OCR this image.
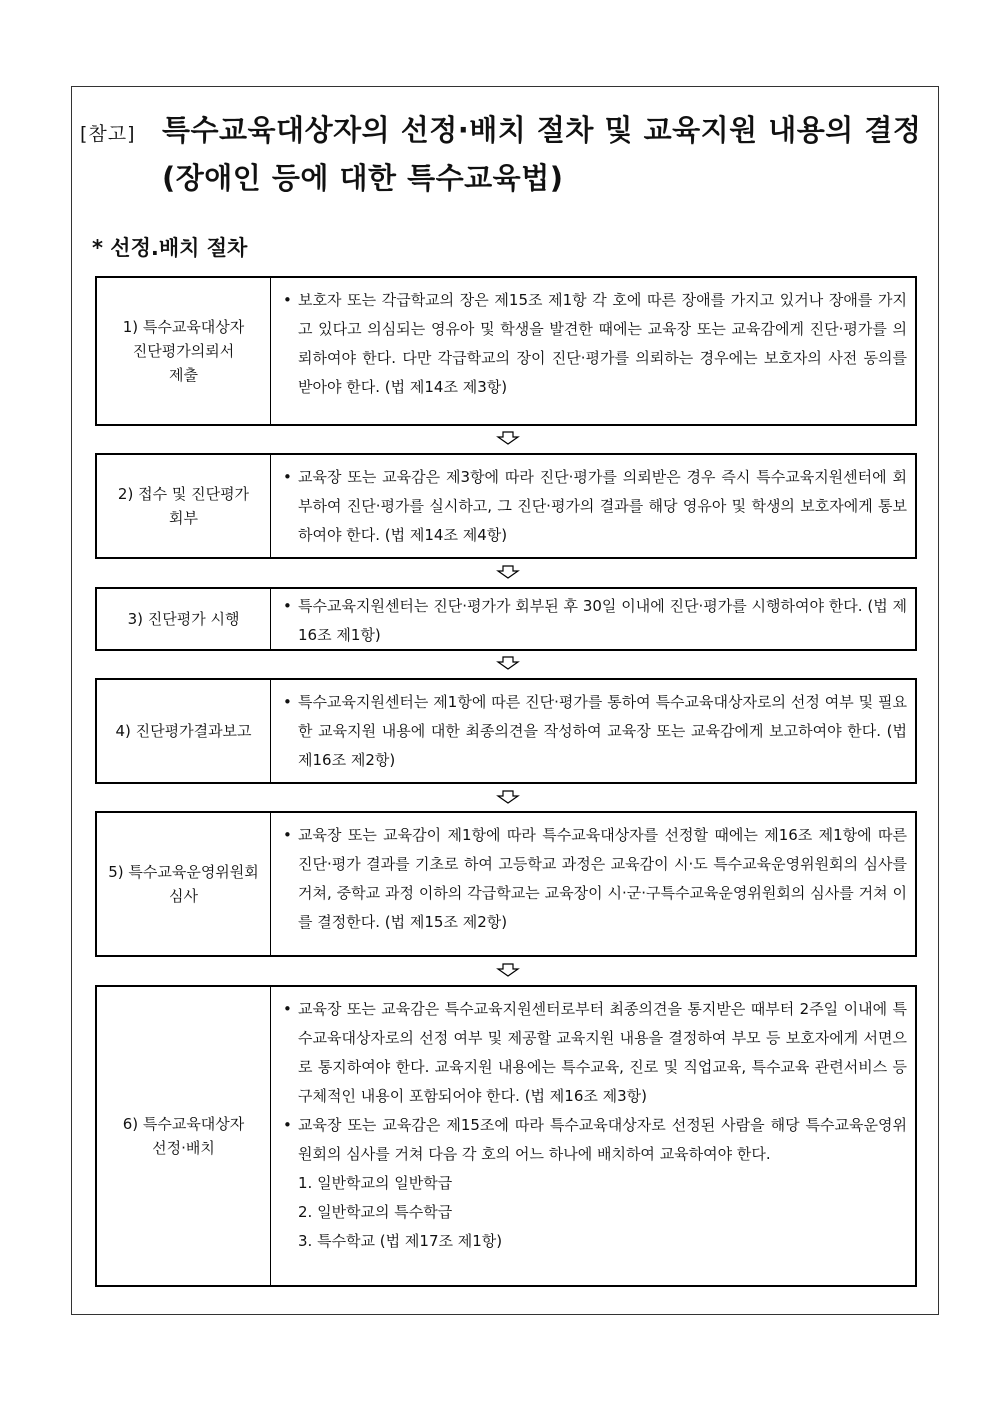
[참고] 특수교육대상자의 선정·배치 절차 및 교육지원 내용의 결정
(장애인 등에 대한 특수교육법)
* 선정.배치 절차
1) 특수교육대상자
진단평가의뢰서
제출
• 보호자 또는 각급학교의 장은 제15조 제1항 각 호에 따른 장애를 가지고 있거나 장애를 가지고 있다고 의심되는 영유아 및 학생을 발견한 때에는 교육장 또는 교육감에게 진단·평가를 의뢰하여야 한다. 다만 각급학교의 장이 진단·평가를 의뢰하는 경우에는 보호자의 사전 동의를 받아야 한다. (법 제14조 제3항)
2) 접수 및 진단평가
회부
• 교육장 또는 교육감은 제3항에 따라 진단·평가를 의뢰받은 경우 즉시 특수교육지원센터에 회부하여 진단·평가를 실시하고, 그 진단·평가의 결과를 해당 영유아 및 학생의 보호자에게 통보하여야 한다. (법 제14조 제4항)
3) 진단평가 시행
• 특수교육지원센터는 진단·평가가 회부된 후 30일 이내에 진단·평가를 시행하여야 한다. (법 제16조 제1항)
4) 진단평가결과보고
• 특수교육지원센터는 제1항에 따른 진단·평가를 통하여 특수교육대상자로의 선정 여부 및 필요한 교육지원 내용에 대한 최종의견을 작성하여 교육장 또는 교육감에게 보고하여야 한다. (법 제16조 제2항)
5) 특수교육운영위원회
심사
• 교육장 또는 교육감이 제1항에 따라 특수교육대상자를 선정할 때에는 제16조 제1항에 따른 진단·평가 결과를 기초로 하여 고등학교 과정은 교육감이 시·도 특수교육운영위원회의 심사를 거쳐, 중학교 과정 이하의 각급학교는 교육장이 시·군·구특수교육운영위원회의 심사를 거쳐 이를 결정한다. (법 제15조 제2항)
6) 특수교육대상자
선정·배치
• 교육장 또는 교육감은 특수교육지원센터로부터 최종의견을 통지받은 때부터 2주일 이내에 특수교육대상자로의 선정 여부 및 제공할 교육지원 내용을 결정하여 부모 등 보호자에게 서면으로 통지하여야 한다. 교육지원 내용에는 특수교육, 진로 및 직업교육, 특수교육 관련서비스 등 구체적인 내용이 포함되어야 한다. (법 제16조 제3항)
• 교육장 또는 교육감은 제15조에 따라 특수교육대상자로 선정된 사람을 해당 특수교육운영위원회의 심사를 거쳐 다음 각 호의 어느 하나에 배치하여 교육하여야 한다.
1. 일반학교의 일반학급
2. 일반학교의 특수학급
3. 특수학교 (법 제17조 제1항)
